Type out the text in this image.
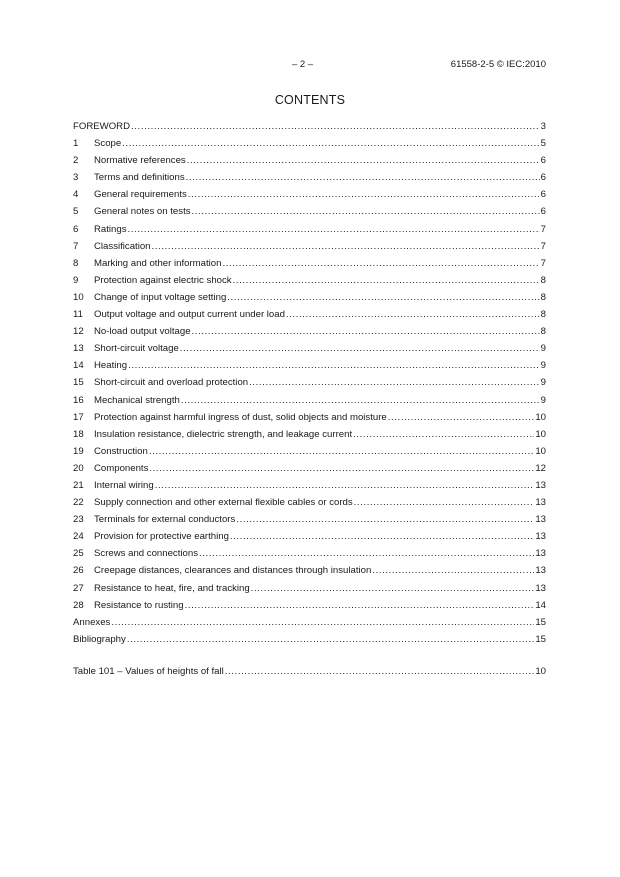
– 2 –	61558-2-5 © IEC:2010
CONTENTS
FOREWORD .....	3
1	Scope .....	5
2	Normative references .....	6
3	Terms and definitions .....	6
4	General requirements .....	6
5	General notes on tests .....	6
6	Ratings .....	7
7	Classification .....	7
8	Marking and other information .....	7
9	Protection against electric shock .....	8
10	Change of input voltage setting .....	8
11	Output voltage and output current under load .....	8
12	No-load output voltage .....	8
13	Short-circuit voltage .....	9
14	Heating .....	9
15	Short-circuit and overload protection .....	9
16	Mechanical strength .....	9
17	Protection against harmful ingress of dust, solid objects and moisture .....	10
18	Insulation resistance, dielectric strength, and leakage current .....	10
19	Construction .....	10
20	Components .....	12
21	Internal wiring .....	13
22	Supply connection and other external flexible cables or cords .....	13
23	Terminals for external conductors .....	13
24	Provision for protective earthing .....	13
25	Screws and connections .....	13
26	Creepage distances, clearances and distances through insulation .....	13
27	Resistance to heat, fire, and tracking .....	13
28	Resistance to rusting .....	14
Annexes .....	15
Bibliography .....	15
Table 101 – Values of heights of fall .....	10
